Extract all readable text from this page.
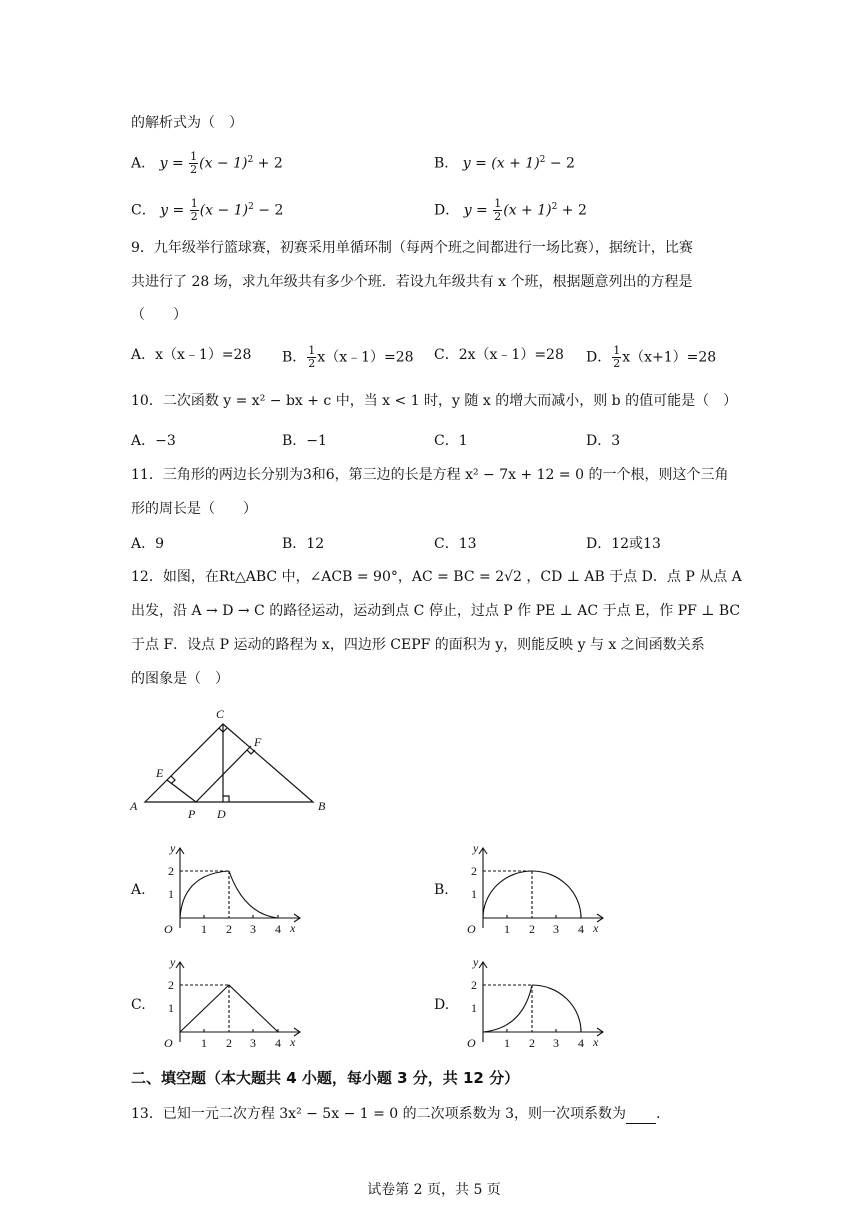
的解析式为（　）
A． $y = \frac{1}{2} (x - 1)^2 + 2$	B． $y = (x + 1)^2 - 2$
C． $y = \frac{1}{2} (x - 1)^2 - 2$	D． $y = \frac{1}{2} (x + 1)^2 + 2$
9．九年级举行篮球赛，初赛采用单循环制（每两个班之间都进行一场比赛），据统计，比赛
共进行了 28 场，求九年级共有多少个班．若设九年级共有 x 个班，根据题意列出的方程是
（　　）
A．x（x﹣1）=28 B． $\frac{1}{2}$ x（x﹣1）=28 C．2x（x﹣1）=28 D． $\frac{1}{2} x(x+1)=28$
10．二次函数 y = x² − bx + c 中，当 x < 1 时，y 随 x 的增大而减小，则 b 的值可能是（　）
A．−3	B．−1	C．1	D．3
11．三角形的两边长分别为3和6，第三边的长是方程 x² − 7x + 12 = 0 的一个根，则这个三角
形的周长是（　　）
A．9	B．12	C．13	D．12或13
12．如图，在Rt△ABC 中，∠ACB = 90°，AC = BC = 2√2 ，CD ⊥ AB 于点 D．点 P 从点 A
出发，沿 A → D → C 的路径运动，运动到点 C 停止，过点 P 作 PE ⊥ AC 于点 E，作 PF ⊥ BC
于点 F．设点 P 运动的路程为 x，四边形 CEPF 的面积为 y，则能反映 y 与 x 之间函数关系
的图象是（　）
A	B
C
D
E
F
P
A.	B.
C.	D.
y
x
O
2
1
1 2 3 4
y
x
O
2
1
1 2 3 4
y
x
O
2
1
1 2 3 4
y
x
O
2
1
1 2 3 4
二、填空题（本大题共 4 小题，每小题 3 分，共 12 分）
13．已知一元二次方程 3x² − 5x − 1 = 0 的二次项系数为 3，则一次项系数为 .
试卷第 2 页，共 5 页
